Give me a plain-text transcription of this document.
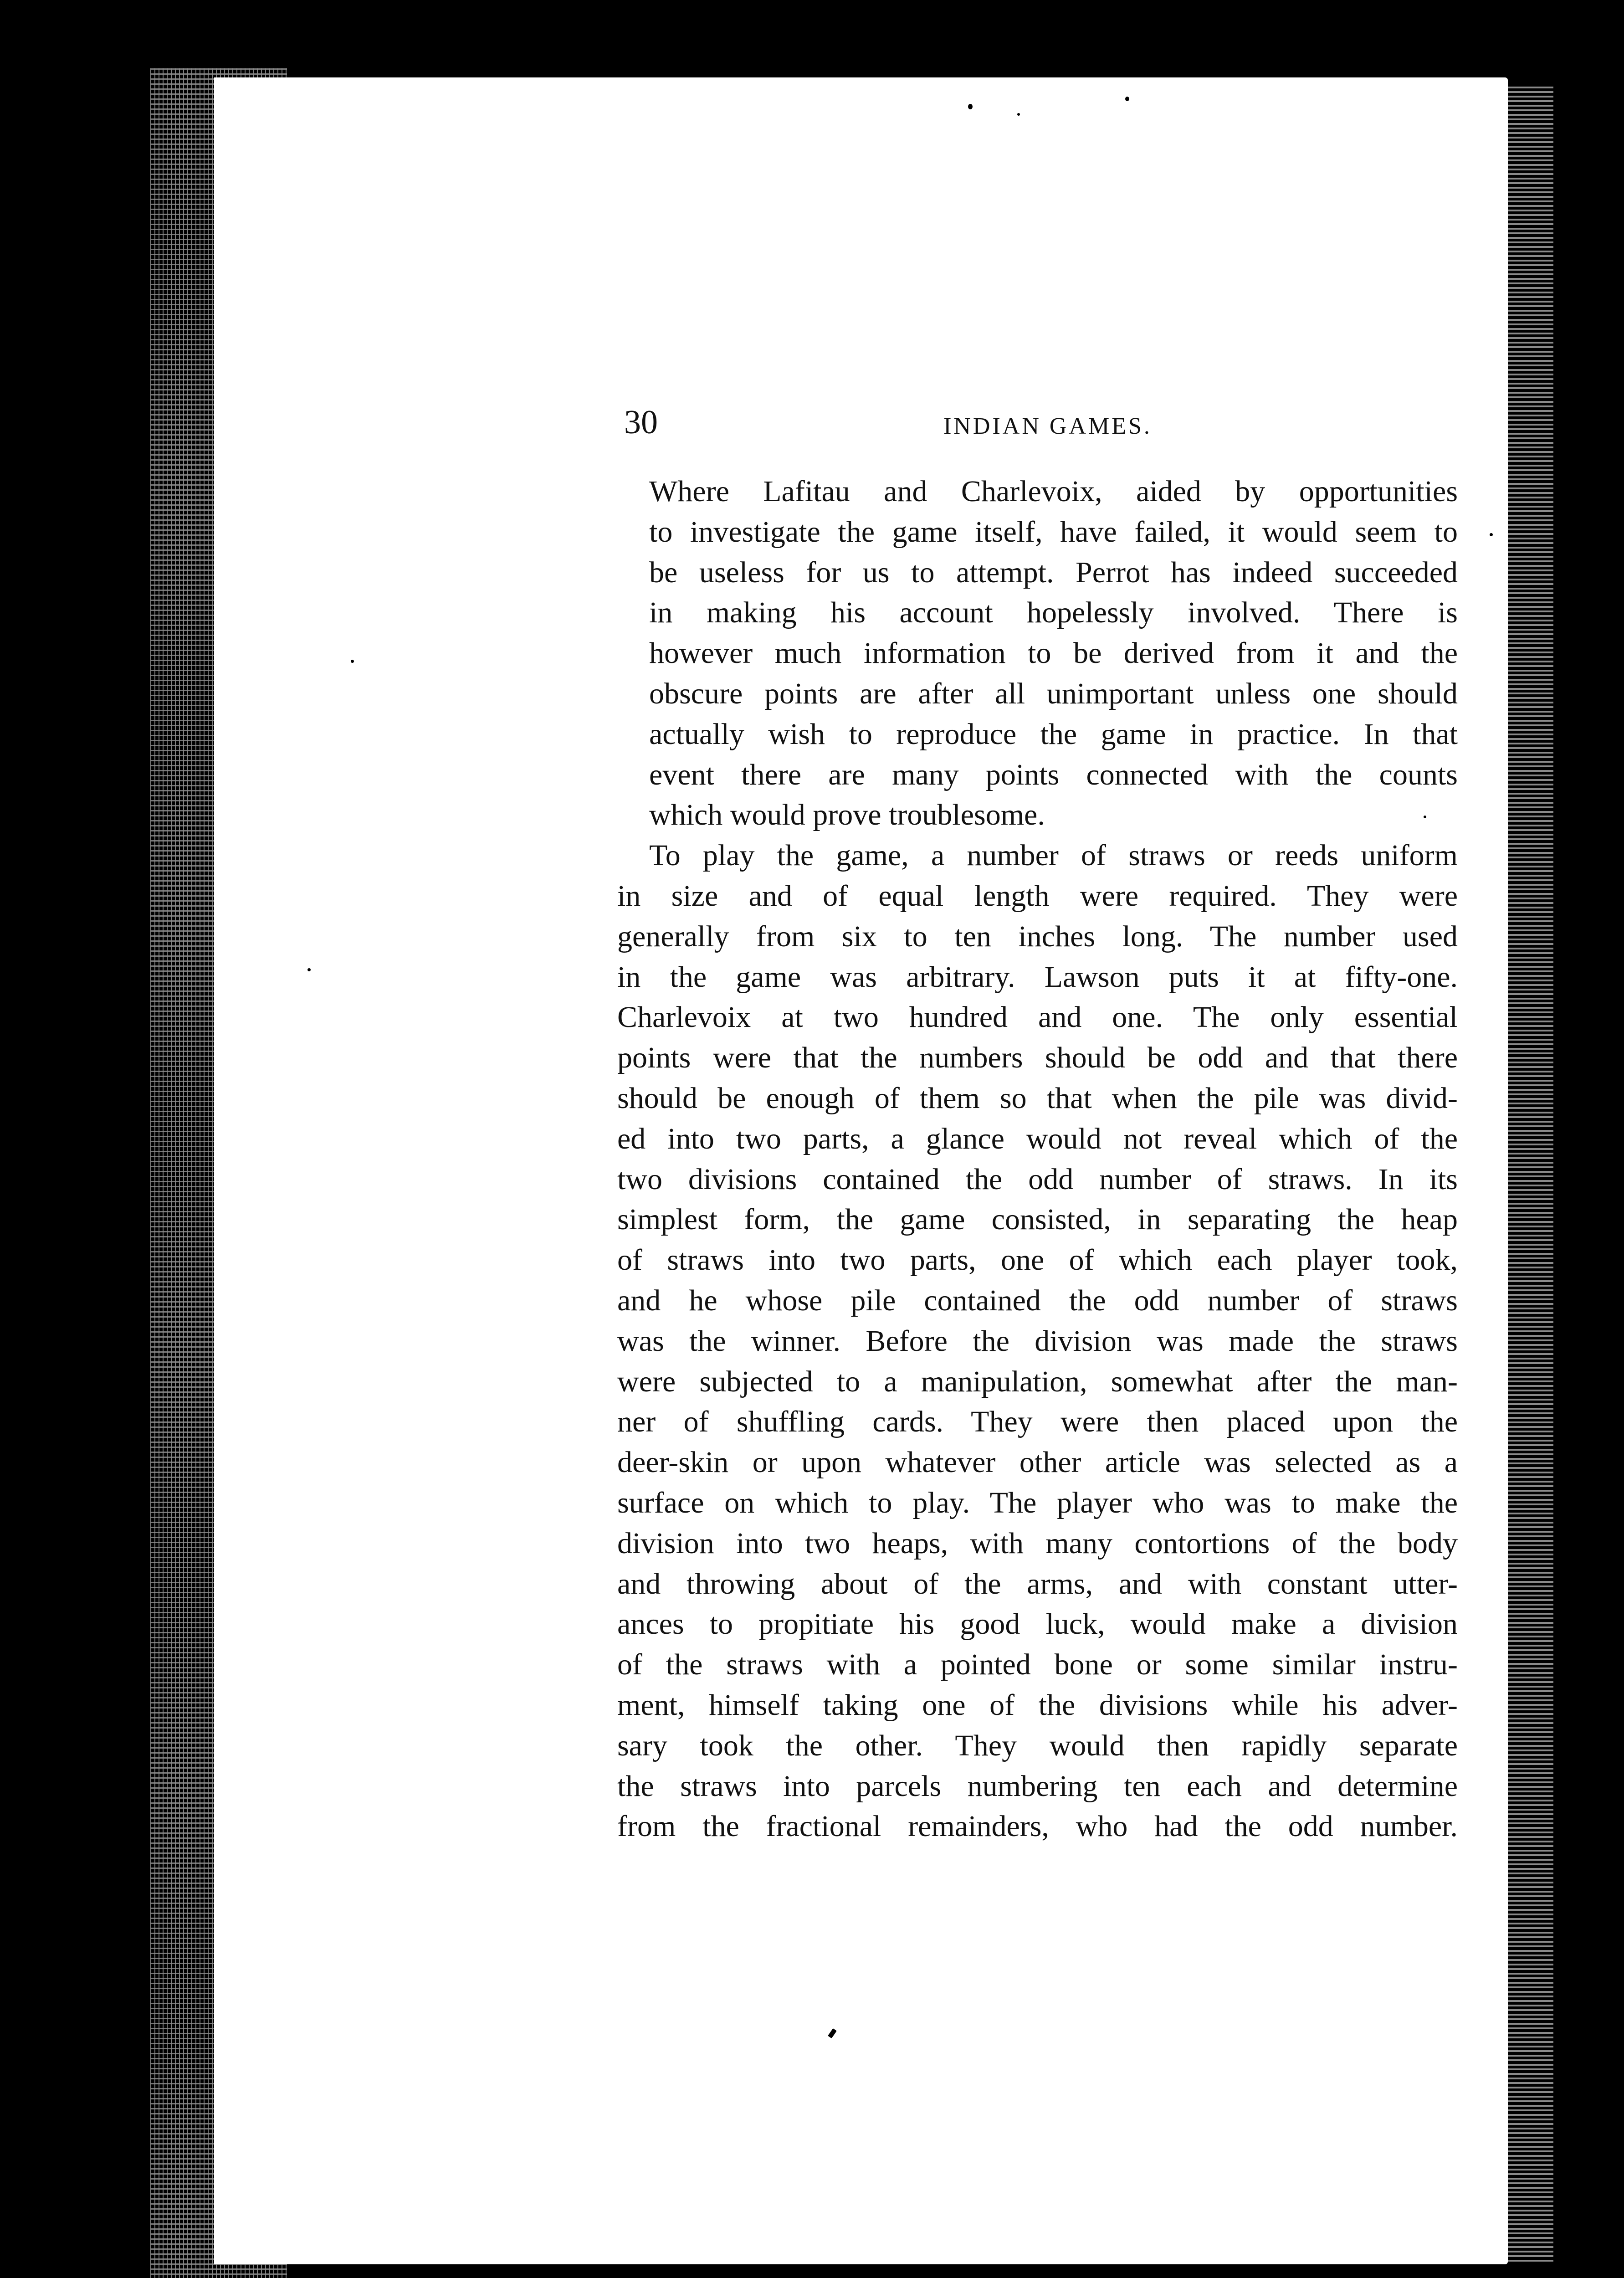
30	INDIAN GAMES.
Where Lafitau and Charlevoix, aided by opportunities
to investigate the game itself, have failed, it would seem to
be useless for us to attempt. Perrot has indeed succeeded
in making his account hopelessly involved. There is
however much information to be derived from it and the
obscure points are after all unimportant unless one should
actually wish to reproduce the game in practice. In that
event there are many points connected with the counts
which would prove troublesome.
To play the game, a number of straws or reeds uniform
in size and of equal length were required. They were
generally from six to ten inches long. The number used
in the game was arbitrary. Lawson puts it at fifty-one.
Charlevoix at two hundred and one. The only essential
points were that the numbers should be odd and that there
should be enough of them so that when the pile was divid-
ed into two parts, a glance would not reveal which of the
two divisions contained the odd number of straws. In its
simplest form, the game consisted, in separating the heap
of straws into two parts, one of which each player took,
and he whose pile contained the odd number of straws
was the winner. Before the division was made the straws
were subjected to a manipulation, somewhat after the man-
ner of shuffling cards. They were then placed upon the
deer-skin or upon whatever other article was selected as a
surface on which to play. The player who was to make the
division into two heaps, with many contortions of the body
and throwing about of the arms, and with constant utter-
ances to propitiate his good luck, would make a division
of the straws with a pointed bone or some similar instru-
ment, himself taking one of the divisions while his adver-
sary took the other. They would then rapidly separate
the straws into parcels numbering ten each and determine
from the fractional remainders, who had the odd number.
